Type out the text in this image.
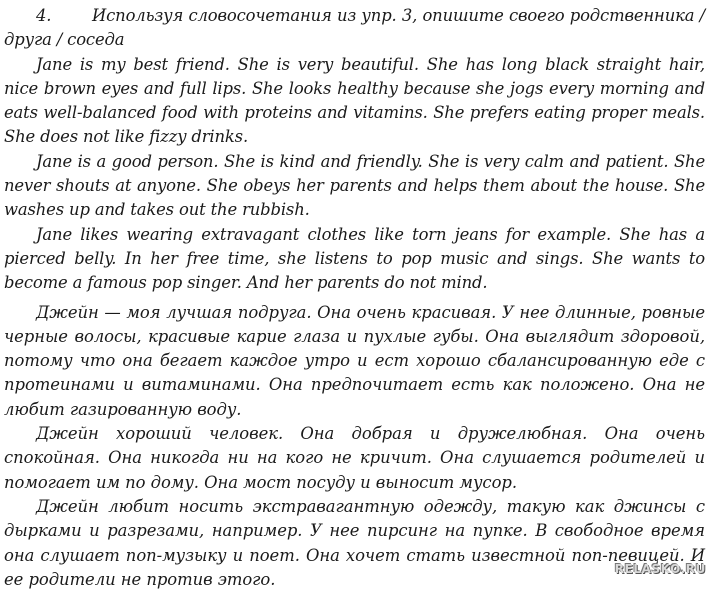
4. Используя словосочетания из упр. 3, опишите своего родственника / друга / соседа

Jane is my best friend. She is very beautiful. She has long black straight hair, nice brown eyes and full lips. She looks healthy because she jogs every morning and eats well-balanced food with proteins and vitamins. She prefers eating proper meals. She does not like fizzy drinks.

Jane is a good person. She is kind and friendly. She is very calm and patient. She never shouts at anyone. She obeys her parents and helps them about the house. She washes up and takes out the rubbish.

Jane likes wearing extravagant clothes like torn jeans for example. She has a pierced belly. In her free time, she listens to pop music and sings. She wants to become a famous pop singer. And her parents do not mind.

Джейн — моя лучшая подруга. Она очень красивая. У нее длинные, ровные черные волосы, красивые карие глаза и пухлые губы. Она выглядит здоровой, потому что она бегает каждое утро и ест хорошо сбалансированную еде с протеинами и витаминами. Она предпочитает есть как положено. Она не любит газированную воду.

Джейн хороший человек. Она добрая и дружелюбная. Она очень спокойная. Она никогда ни на кого не кричит. Она слушается родителей и помогает им по дому. Она мост посуду и выносит мусор.

Джейн любит носить экстравагантную одежду, такую как джинсы с дырками и разрезами, например. У нее пирсинг на пупке. В свободное время она слушает поп-музыку и поет. Она хочет стать известной поп-певицей. И ее родители не против этого.

RELASKO.RU
